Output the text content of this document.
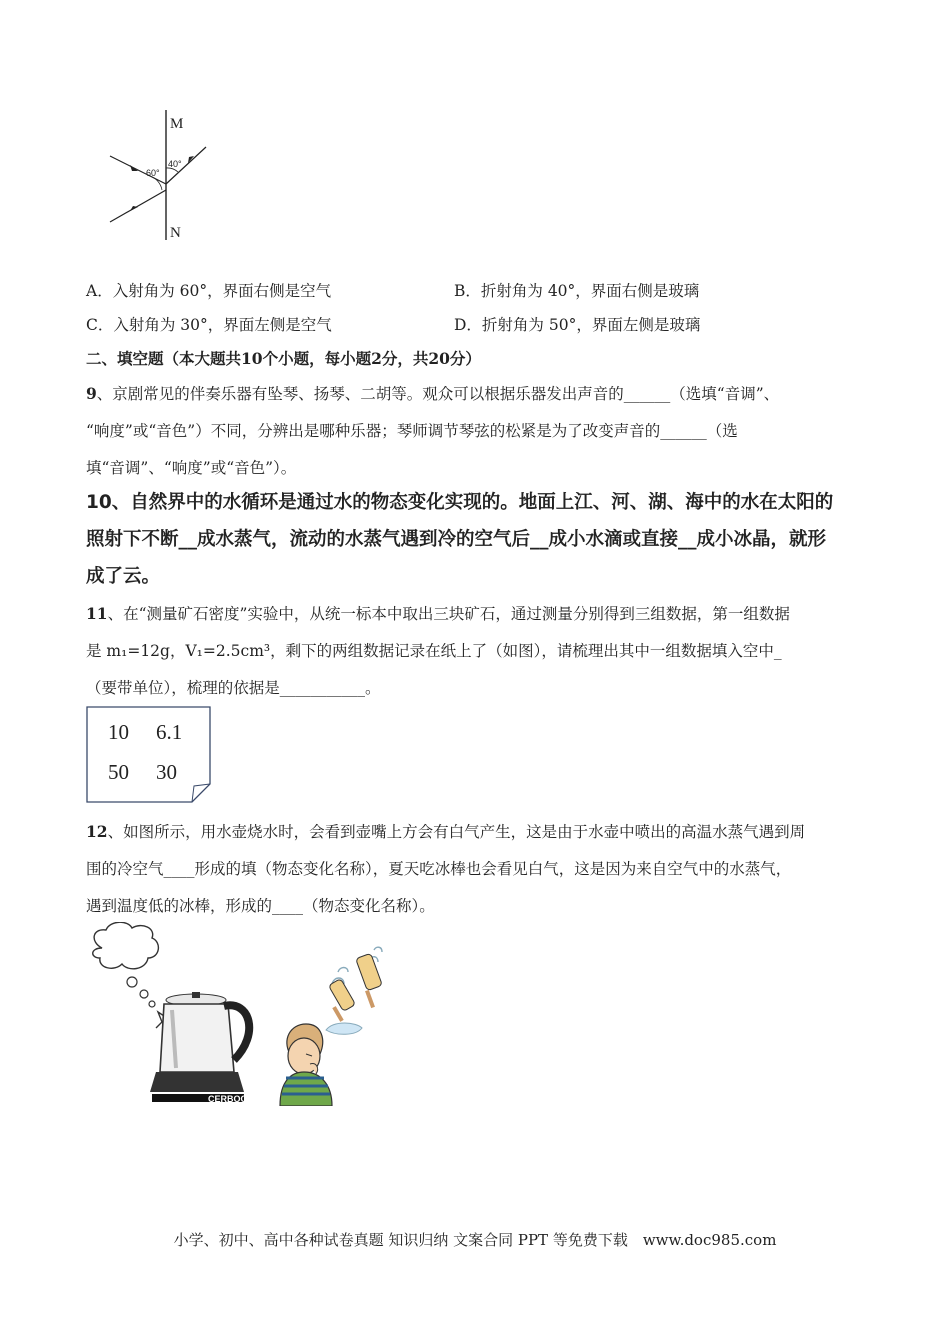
M
N
60°
40°
A．入射角为 60°，界面右侧是空气	B．折射角为 40°，界面右侧是玻璃
C．入射角为 30°，界面左侧是空气	D．折射角为 50°，界面左侧是玻璃
二、填空题（本大题共10个小题，每小题2分，共20分）
9、京剧常见的伴奏乐器有坠琴、扬琴、二胡等。观众可以根据乐器发出声音的______（选填“音调”、
“响度”或“音色”）不同，分辨出是哪种乐器；琴师调节琴弦的松紧是为了改变声音的______（选
填“音调”、“响度”或“音色”）。
10、自然界中的水循环是通过水的物态变化实现的。地面上江、河、湖、海中的水在太阳的
照射下不断__成水蒸气，流动的水蒸气遇到冷的空气后__成小水滴或直接__成小冰晶，就形
成了云。
11、在“测量矿石密度”实验中，从统一标本中取出三块矿石，通过测量分别得到三组数据，第一组数据
是 m₁=12g，V₁=2.5cm³，剩下的两组数据记录在纸上了（如图），请梳理出其中一组数据填入空中_
（要带单位），梳理的依据是___________。
10 6.1
50 30
12、如图所示，用水壶烧水时，会看到壶嘴上方会有白气产生，这是由于水壶中喷出的高温水蒸气遇到周
围的冷空气____形成的填（物态变化名称），夏天吃冰棒也会看见白气，这是因为来自空气中的水蒸气，
遇到温度低的冰棒，形成的____（物态变化名称）。
CERBOC
小学、初中、高中各种试卷真题 知识归纳 文案合同 PPT 等免费下载　www.doc985.com
